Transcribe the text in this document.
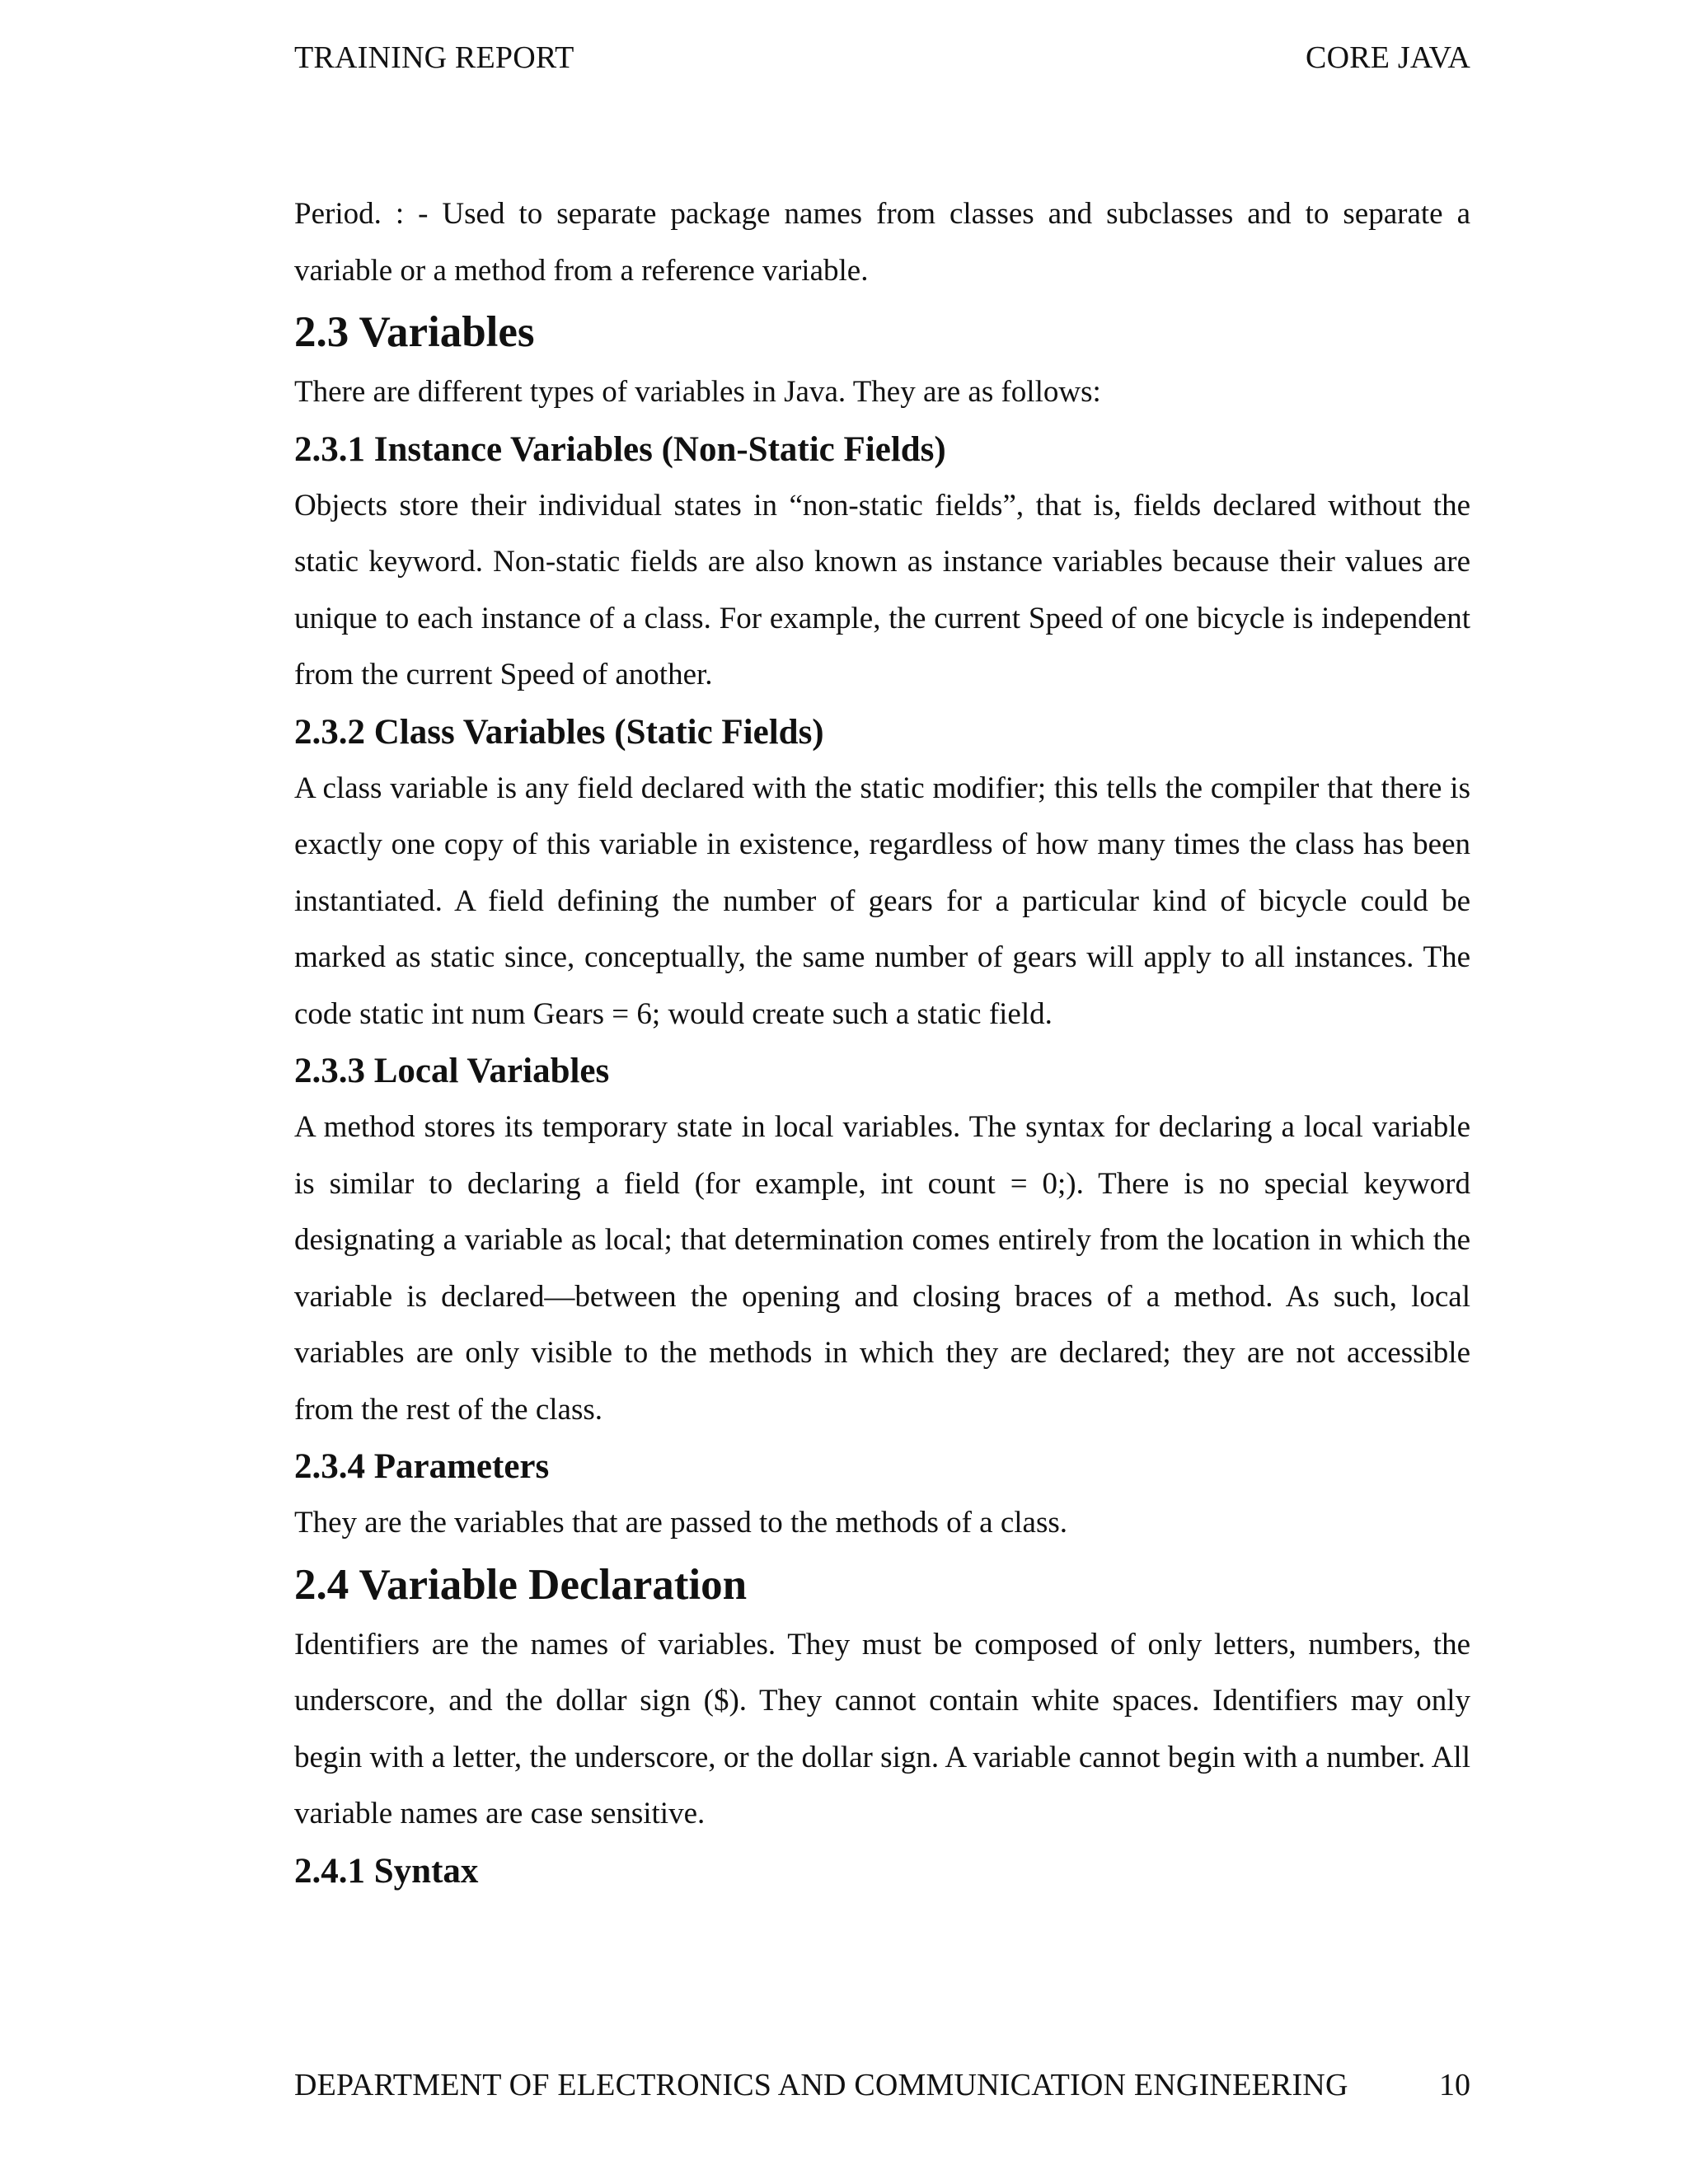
TRAINING REPORT	CORE JAVA

Period. : - Used to separate package names from classes and subclasses and to separate a variable or a method from a reference variable.

2.3 Variables

There are different types of variables in Java. They are as follows:

2.3.1 Instance Variables (Non-Static Fields)

Objects store their individual states in “non-static fields”, that is, fields declared without the static keyword. Non-static fields are also known as instance variables because their values are unique to each instance of a class. For example, the current Speed of one bicycle is independent from the current Speed of another.

2.3.2 Class Variables (Static Fields)

A class variable is any field declared with the static modifier; this tells the compiler that there is exactly one copy of this variable in existence, regardless of how many times the class has been instantiated. A field defining the number of gears for a particular kind of bicycle could be marked as static since, conceptually, the same number of gears will apply to all instances. The code static int num Gears = 6; would create such a static field.

2.3.3 Local Variables

A method stores its temporary state in local variables. The syntax for declaring a local variable is similar to declaring a field (for example, int count = 0;). There is no special keyword designating a variable as local; that determination comes entirely from the location in which the variable is declared—between the opening and closing braces of a method. As such, local variables are only visible to the methods in which they are declared; they are not accessible from the rest of the class.

2.3.4 Parameters

They are the variables that are passed to the methods of a class.

2.4 Variable Declaration

Identifiers are the names of variables. They must be composed of only letters, numbers, the underscore, and the dollar sign ($). They cannot contain white spaces. Identifiers may only begin with a letter, the underscore, or the dollar sign. A variable cannot begin with a number. All variable names are case sensitive.

2.4.1 Syntax
DEPARTMENT OF ELECTRONICS AND COMMUNICATION ENGINEERING	10
